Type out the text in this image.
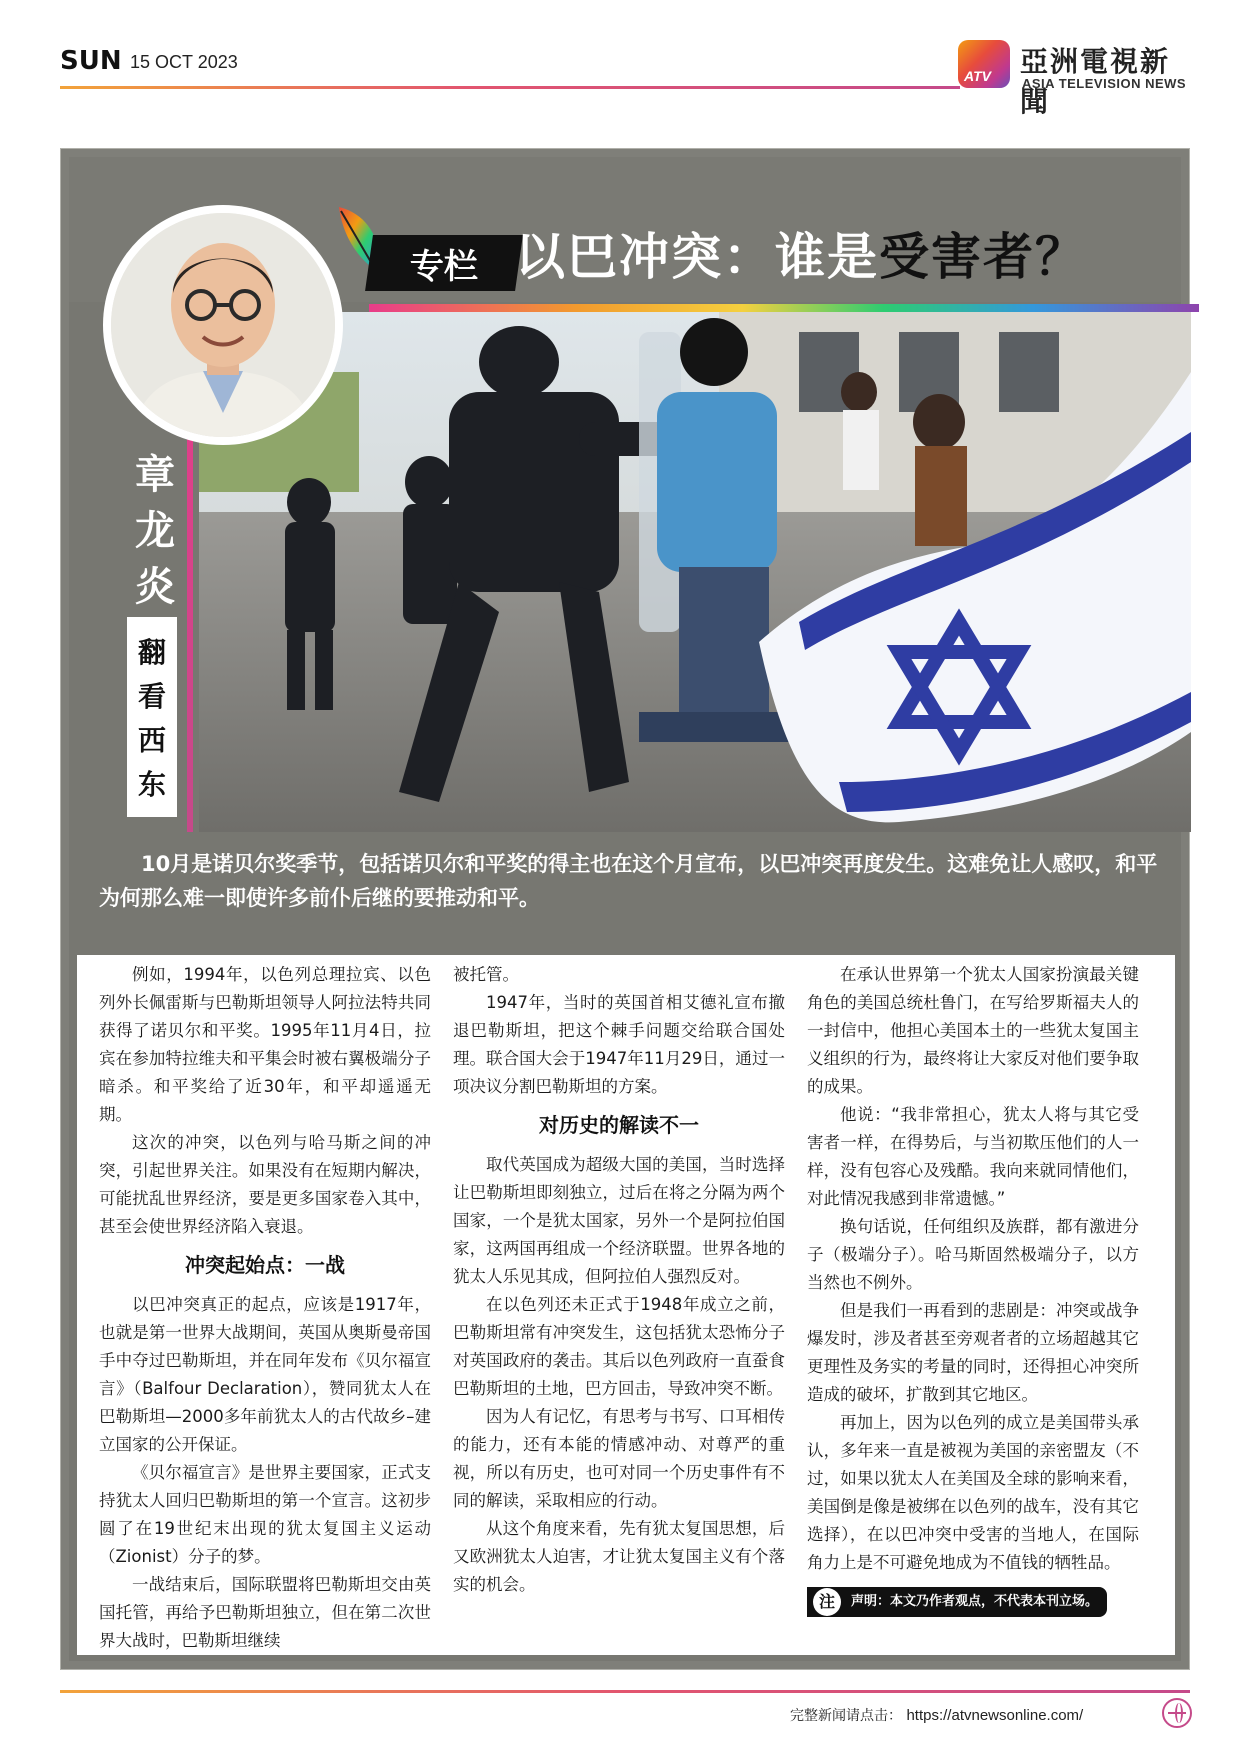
SUN 15 OCT 2023
ATV 亞洲電視新聞
ASIA TELEVISION NEWS
专栏 以巴冲突：谁是受害者？
章龙炎
翻看西东
10月是诺贝尔奖季节，包括诺贝尔和平奖的得主也在这个月宣布，以巴冲突再度发生。这难免让人感叹，和平为何那么难一即使许多前仆后继的要推动和平。

例如，1994年，以色列总理拉宾、以色列外长佩雷斯与巴勒斯坦领导人阿拉法特共同获得了诺贝尔和平奖。1995年11月4日，拉宾在参加特拉维夫和平集会时被右翼极端分子暗杀。和平奖给了近30年，和平却遥遥无期。

这次的冲突，以色列与哈马斯之间的冲突，引起世界关注。如果没有在短期内解决，可能扰乱世界经济，要是更多国家卷入其中，甚至会使世界经济陷入衰退。

冲突起始点：一战

以巴冲突真正的起点，应该是1917年，也就是第一世界大战期间，英国从奥斯曼帝国手中夺过巴勒斯坦，并在同年发布《贝尔福宣言》（Balfour Declaration），赞同犹太人在巴勒斯坦—2000多年前犹太人的古代故乡–建立国家的公开保证。

《贝尔福宣言》是世界主要国家，正式支持犹太人回归巴勒斯坦的第一个宣言。这初步圆了在19世纪末出现的犹太复国主义运动（Zionist）分子的梦。

一战结束后，国际联盟将巴勒斯坦交由英国托管，再给予巴勒斯坦独立，但在第二次世界大战时，巴勒斯坦继续

被托管。

1947年，当时的英国首相艾德礼宣布撤退巴勒斯坦，把这个棘手问题交给联合国处理。联合国大会于1947年11月29日，通过一项决议分割巴勒斯坦的方案。

对历史的解读不一

取代英国成为超级大国的美国，当时选择让巴勒斯坦即刻独立，过后在将之分隔为两个国家，一个是犹太国家，另外一个是阿拉伯国家，这两国再组成一个经济联盟。世界各地的犹太人乐见其成，但阿拉伯人强烈反对。

在以色列还未正式于1948年成立之前，巴勒斯坦常有冲突发生，这包括犹太恐怖分子对英国政府的袭击。其后以色列政府一直蚕食巴勒斯坦的土地，巴方回击，导致冲突不断。

因为人有记忆，有思考与书写、口耳相传的能力，还有本能的情感冲动、对尊严的重视，所以有历史，也可对同一个历史事件有不同的解读，采取相应的行动。

从这个角度来看，先有犹太复国思想，后又欧洲犹太人迫害，才让犹太复国主义有个落实的机会。

在承认世界第一个犹太人国家扮演最关键角色的美国总统杜鲁门，在写给罗斯福夫人的一封信中，他担心美国本土的一些犹太复国主义组织的行为，最终将让大家反对他们要争取的成果。

他说：“我非常担心，犹太人将与其它受害者一样，在得势后，与当初欺压他们的人一样，没有包容心及残酷。我向来就同情他们，对此情况我感到非常遗憾。”

换句话说，任何组织及族群，都有激进分子（极端分子）。哈马斯固然极端分子，以方当然也不例外。

但是我们一再看到的悲剧是：冲突或战争爆发时，涉及者甚至旁观者者的立场超越其它更理性及务实的考量的同时，还得担心冲突所造成的破坏，扩散到其它地区。

再加上，因为以色列的成立是美国带头承认，多年来一直是被视为美国的亲密盟友（不过，如果以犹太人在美国及全球的影响来看，美国倒是像是被绑在以色列的战车，没有其它选择），在以巴冲突中受害的当地人，在国际角力上是不可避免地成为不值钱的牺牲品。

注	声明：本文乃作者观点，不代表本刊立场。
完整新闻请点击： https://atvnewsonline.com/
